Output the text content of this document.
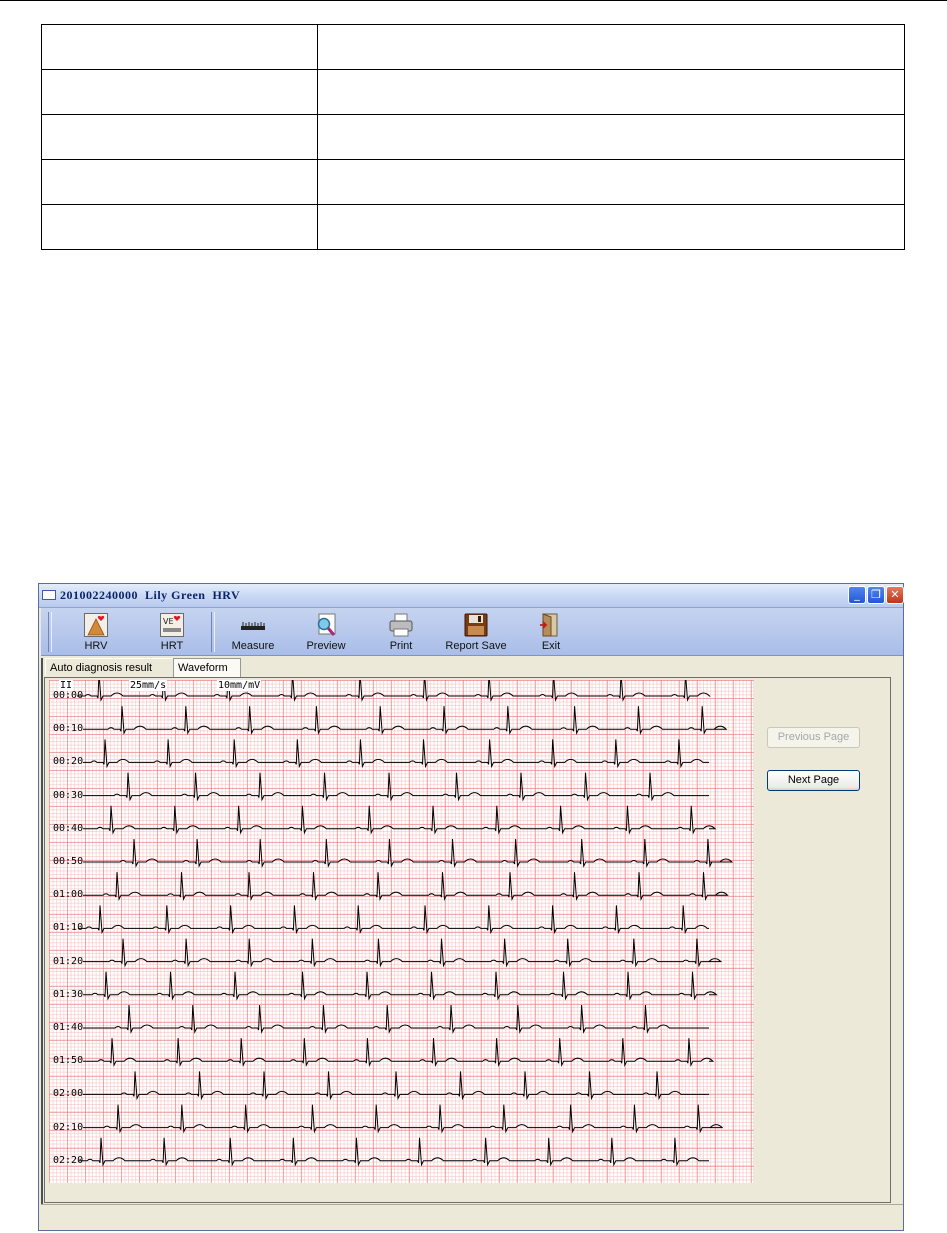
201002240000  Lily Green  HRV	_	❐ ✕
HRV
VE
HRT	Measure	Preview	Print	Report Save	Exit
Auto diagnosis result	Waveform
II	25mm/s	10mm/mV
00:00
00:10
00:20
00:30
00:40
00:50
01:00
01:10
01:20
01:30
01:40
01:50
02:00
02:10
02:20
Previous Page
Next Page
